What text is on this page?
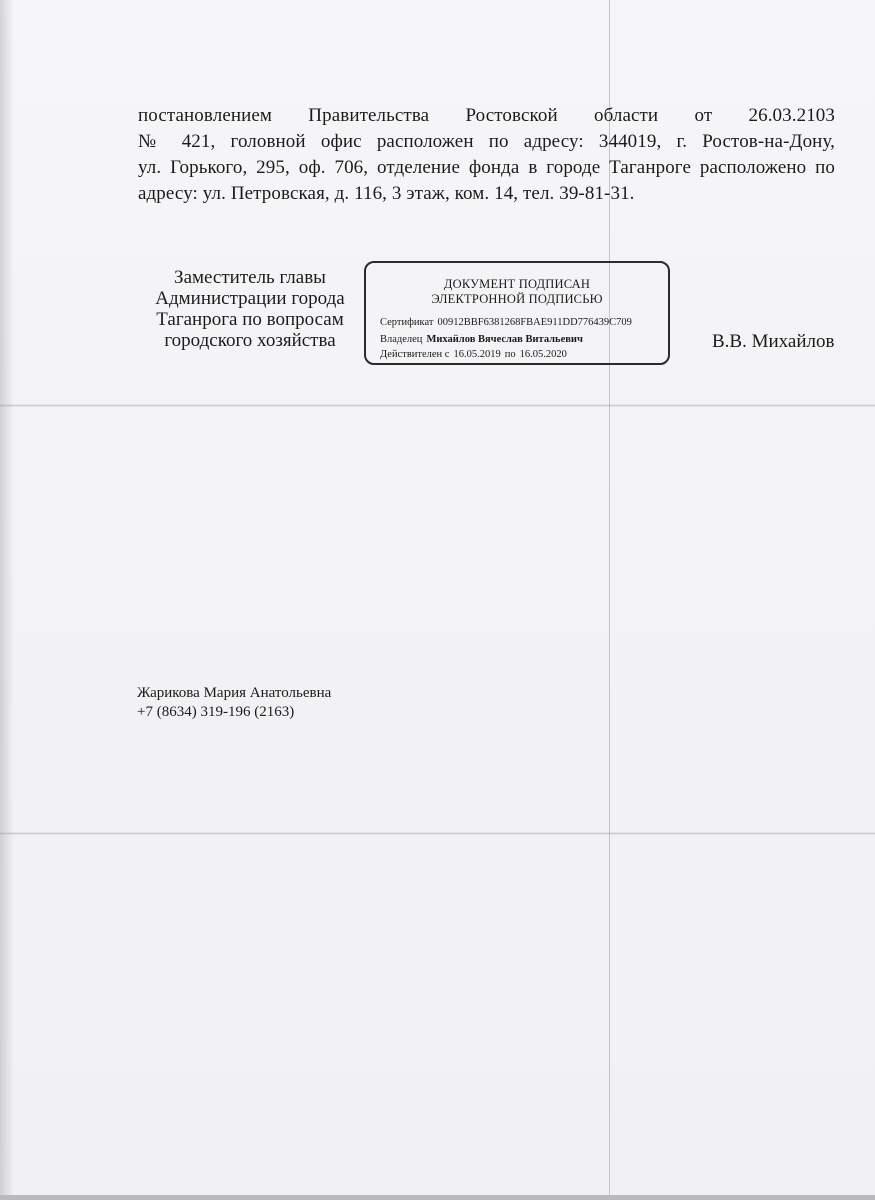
постановлением Правительства Ростовской области от 26.03.2103
№ 421, головной офис расположен по адресу: 344019, г. Ростов-на-Дону,
ул. Горького, 295, оф. 706, отделение фонда в городе Таганроге расположено по
адресу: ул. Петровская, д. 116, 3 этаж, ком. 14, тел. 39-81-31.
Заместитель главы
Администрации города
Таганрога по вопросам
городского хозяйства
ДОКУМЕНТ ПОДПИСАН
ЭЛЕКТРОННОЙ ПОДПИСЬЮ
Сертификат 00912BBF6381268FBAE911DD776439C709
Владелец Михайлов Вячеслав Витальевич
Действителен с 16.05.2019 по 16.05.2020
В.В. Михайлов
Жарикова Мария Анатольевна
+7 (8634) 319-196 (2163)
